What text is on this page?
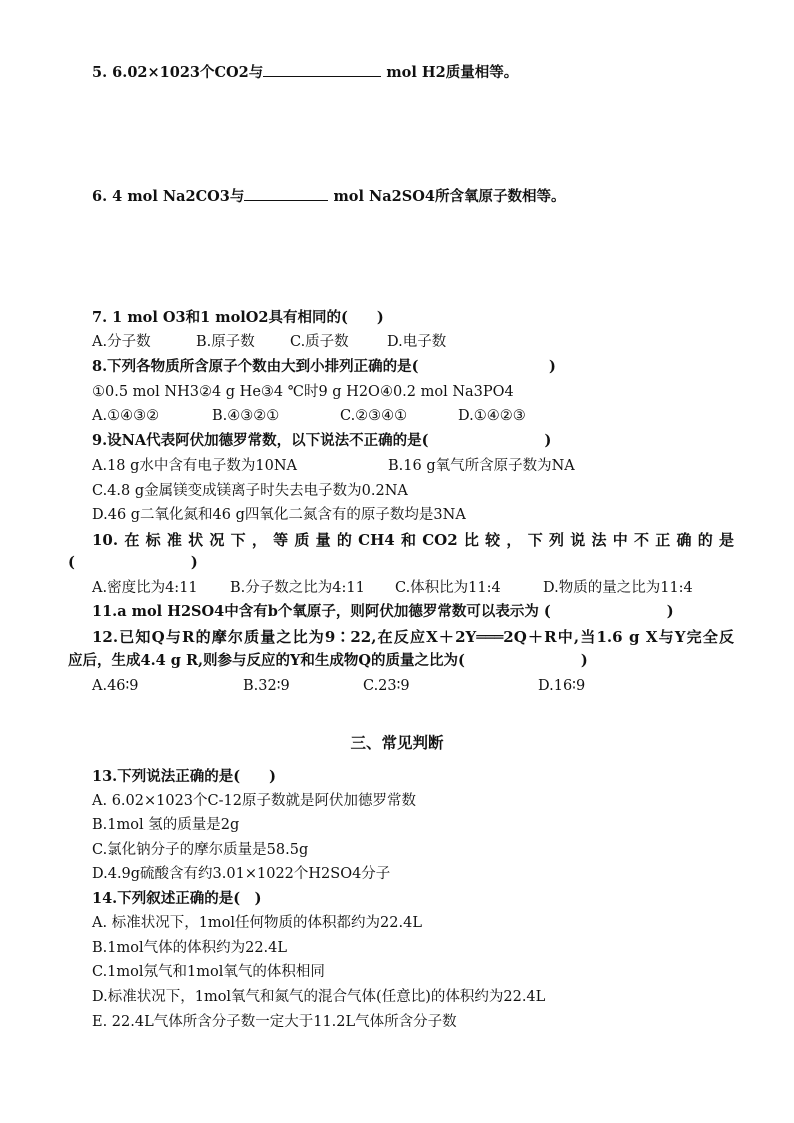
5. 6.02×1023个CO2与	mol H2质量相等。
6. 4 mol Na2CO3与	mol Na2SO4所含氧原子数相等。
7. 1 mol O3和1 molO2具有相同的(　　)
A.分子数	B.原子数 C.质子数	D.电子数
8.下列各物质所含原子个数由大到小排列正确的是(　　　　　　　　　)
①0.5 mol NH3②4 g He③4 ℃时9 g H2O④0.2 mol Na3PO4
A.①④③②	B.④③②①	C.②③④①	D.①④②③
9.设NA代表阿伏加德罗常数，以下说法不正确的是(　　　　　　　　)
A.18 g水中含有电子数为10NA	B.16 g氧气所含原子数为NA
C.4.8 g金属镁变成镁离子时失去电子数为0.2NA
D.46 g二氧化氮和46 g四氧化二氮含有的原子数均是3NA
10.在标准状况下，等质量的CH4和CO2比较，下列说法中不正确的是
(　　　　　　　　)
A.密度比为4:11 B.分子数之比为4:11 C.体积比为11:4	D.物质的量之比为11:4
11.a mol H2SO4中含有b个氧原子，则阿伏加德罗常数可以表示为 (　　　　　　　　)
12.已知Q与R的摩尔质量之比为9∶22,在反应X＋2Y═══2Q＋R中,当1.6 g X与Y完全反
应后，生成4.4 g R,则参与反应的Y和生成物Q的质量之比为(　　　　　　　　)
A.46∶9	B.32∶9	C.23∶9	D.16∶9
三、常见判断
13.下列说法正确的是(　　)
A. 6.02×1023个C-12原子数就是阿伏加德罗常数
B.1mol 氢的质量是2g
C.氯化钠分子的摩尔质量是58.5g
D.4.9g硫酸含有约3.01×1022个H2SO4分子
14.下列叙述正确的是(　)
A. 标准状况下，1mol任何物质的体积都约为22.4L
B.1mol气体的体积约为22.4L
C.1mol氖气和1mol氧气的体积相同
D.标准状况下，1mol氧气和氮气的混合气体(任意比)的体积约为22.4L
E. 22.4L气体所含分子数一定大于11.2L气体所含分子数
